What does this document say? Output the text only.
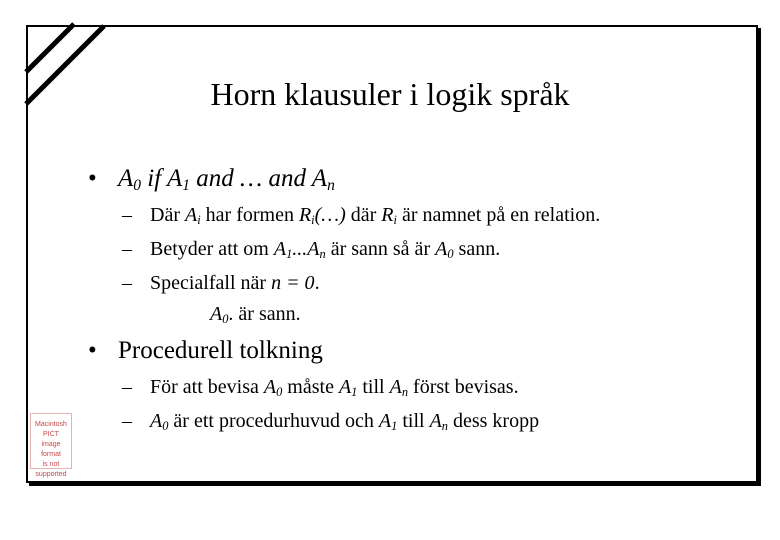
Horn klausuler i logik språk
• $A_0$ if $A_1$ and … and $A_n$
– Där $A_i$ har formen $R_i(\dots)$ där $R_i$ är namnet på en relation.
– Betyder att om $A_1...A_n$ är sann så är $A_0$ sann.
– Specialfall när n = 0.
$A_0$. är sann.
• Procedurell tolkning
– För att bevisa $A_0$ måste $A_1$ till $A_n$ först bevisas.
– $A_0$ är ett procedurhuvud och $A_1$ till $A_n$ dess kropp
Macintosh PICT
image format
is not supported
